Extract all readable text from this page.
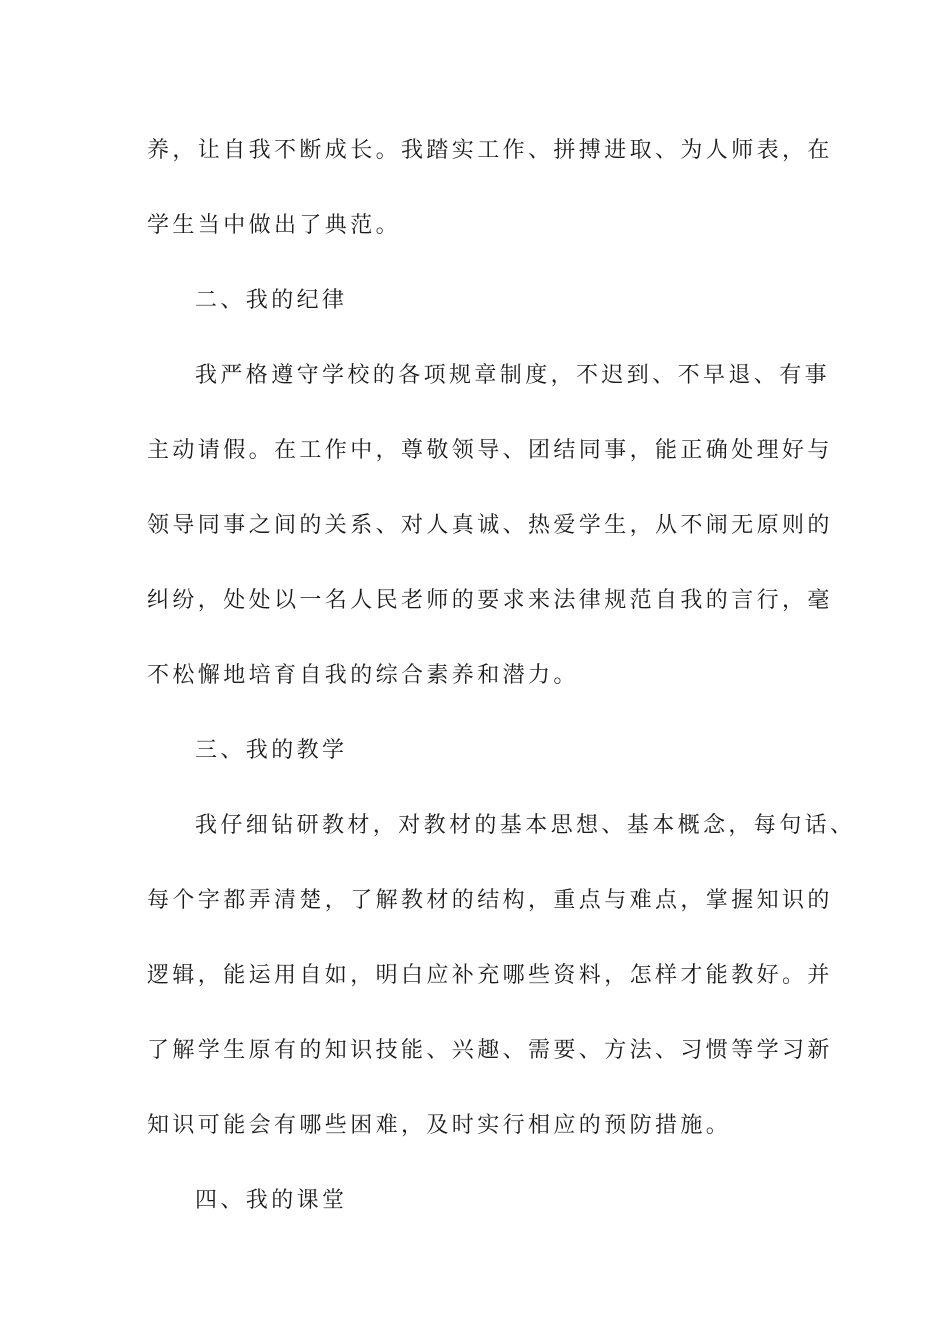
养，让自我不断成长。我踏实工作、拼搏进取、为人师表，在
学生当中做出了典范。
二、我的纪律
我严格遵守学校的各项规章制度，不迟到、不早退、有事
主动请假。在工作中，尊敬领导、团结同事，能正确处理好与
领导同事之间的关系、对人真诚、热爱学生，从不闹无原则的
纠纷，处处以一名人民老师的要求来法律规范自我的言行，毫
不松懈地培育自我的综合素养和潜力。
三、我的教学
我仔细钻研教材，对教材的基本思想、基本概念，每句话、
每个字都弄清楚，了解教材的结构，重点与难点，掌握知识的
逻辑，能运用自如，明白应补充哪些资料，怎样才能教好。并
了解学生原有的知识技能、兴趣、需要、方法、习惯等学习新
知识可能会有哪些困难，及时实行相应的预防措施。
四、我的课堂
